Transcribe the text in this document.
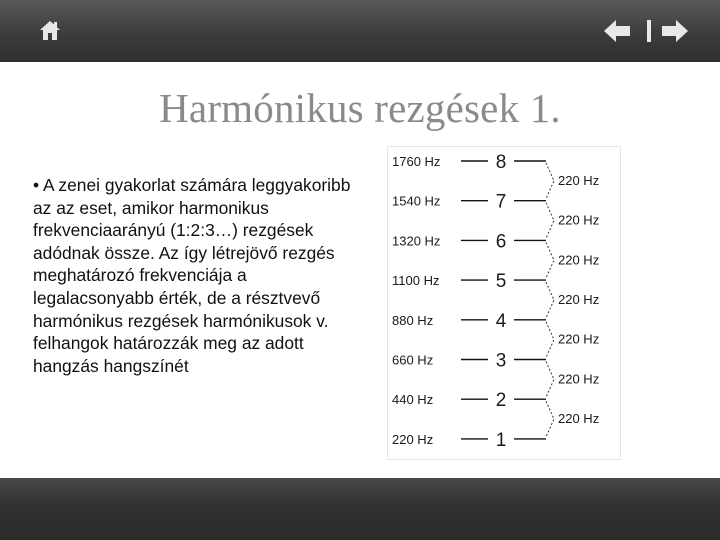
Harmónikus rezgések 1.
• A zenei gyakorlat számára leggyakoribb az az eset, amikor harmonikus frekvenciaarányú (1:2:3…) rezgések adódnak össze. Az így létrejövő rezgés meghatározó frekvenciája a legalacsonyabb érték, de a résztvevő harmónikus rezgések harmónikusok v. felhangok határozzák meg az adott hangzás hangszínét
1760 Hz	8
1540 Hz	7
1320 Hz	6
1100 Hz	5
880 Hz	4
660 Hz	3
440 Hz	2
220 Hz	1
220 Hz
220 Hz
220 Hz
220 Hz
220 Hz
220 Hz
220 Hz
